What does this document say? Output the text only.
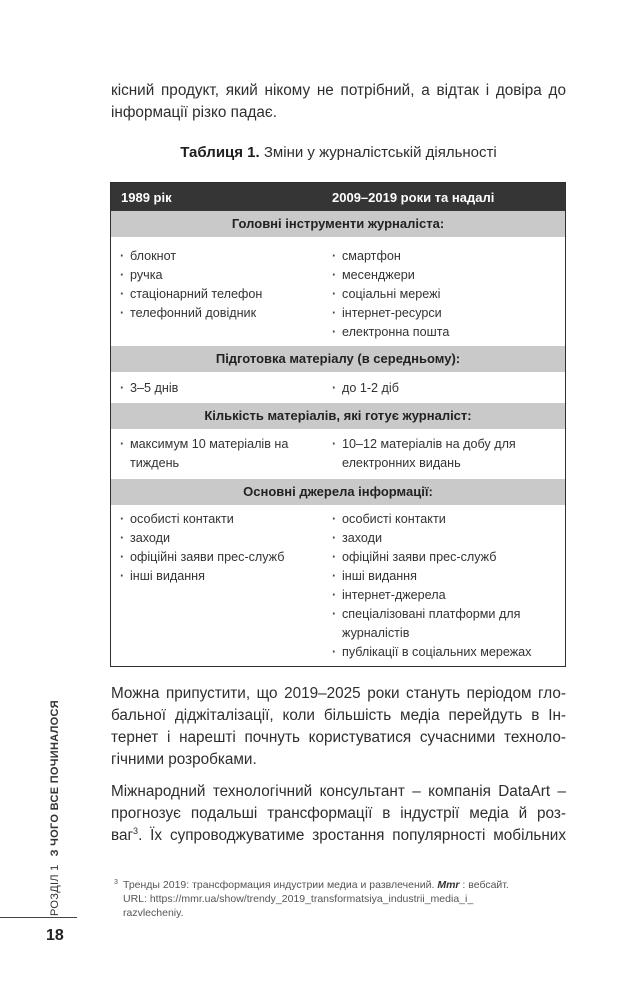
кісний продукт, який нікому не потрібний, а відтак і довіра до
інформації різко падає.
Таблиця 1. Зміни у журналістській діяльності
1989 рік	2009–2019 роки та надалі
Головні інструменти журналіста:
· блокнот
· ручка
· стаціонарний телефон
· телефонний довідник
· смартфон
· месенджери
· соціальні мережі
· інтернет-ресурси
· електронна пошта
Підготовка матеріалу (в середньому):
· 3–5 днів
·	до 1-2 діб
Кількість матеріалів, які готує журналіст:
· максимум 10 матеріалів на тиждень
· 10–12 матеріалів на добу для електронних видань
Основні джерела інформації:
· особисті контакти
· заходи
· офіційні заяви прес-служб
· інші видання
· особисті контакти
· заходи
· офіційні заяви прес-служб
· інші видання
· інтернет-джерела
· спеціалізовані платформи для журналістів
· публікації в соціальних мережах
Можна припустити, що 2019–2025 роки стануть періодом гло-
бальної діджіталізації, коли більшість медіа перейдуть в Ін-
тернет і нарешті почнуть користуватися сучасними техноло-
гічними розробками.
Міжнародний технологічний консультант – компанія DataArt –
прогнозує подальші трансформації в індустрії медіа й роз-
ваг$^3$. Їх супроводжуватиме зростання популярності мобільних
3 Тренды 2019: трансформация индустрии медиа и развлечений. Mmr : вебсайт.
URL: https://mmr.ua/show/trendy_2019_transformatsiya_industrii_media_i_
razvlecheniy.
РОЗДІЛ 1З ЧОГО ВСЕ ПОЧИНАЛОСЯ
18
